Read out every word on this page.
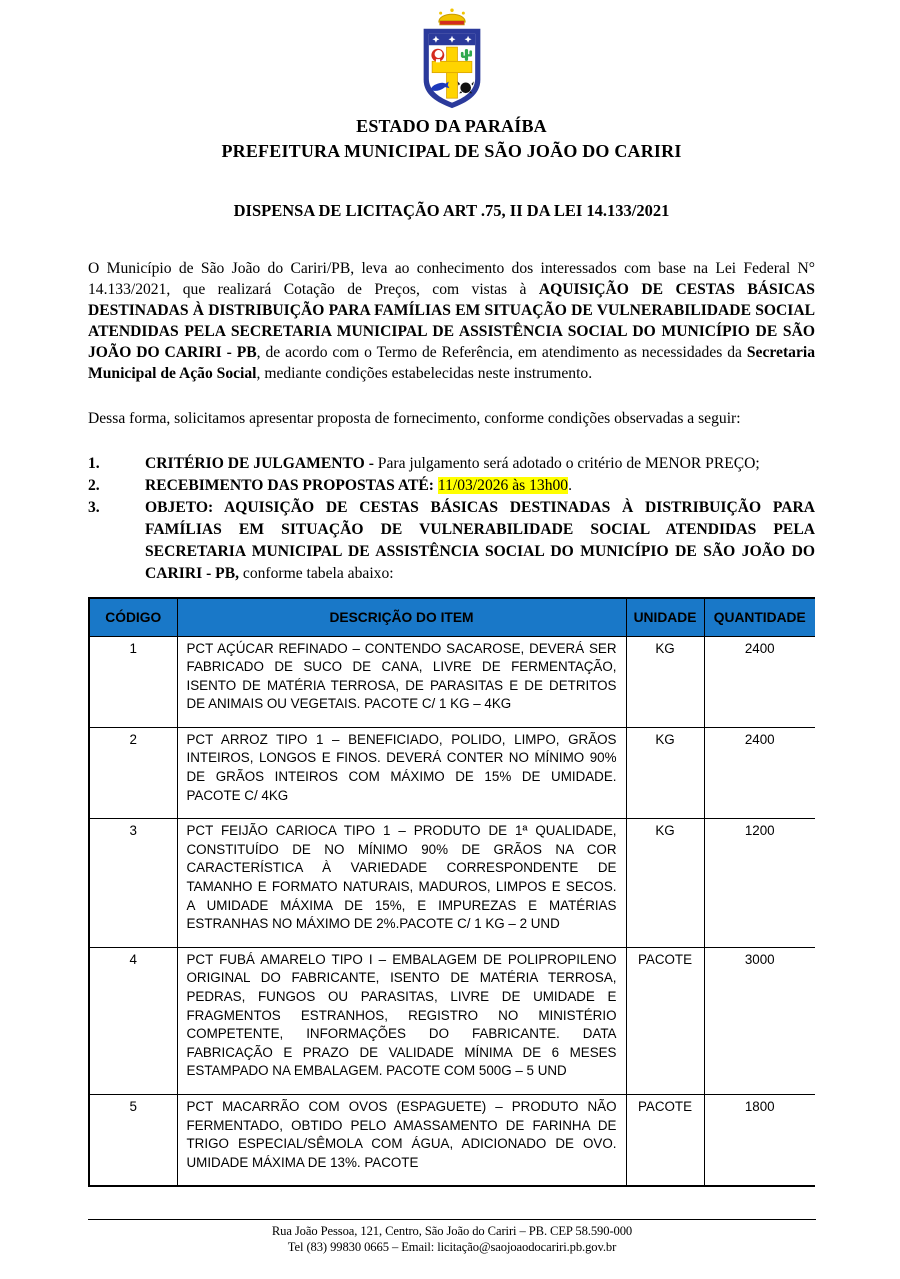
ESTADO DA PARAÍBA
PREFEITURA MUNICIPAL DE SÃO JOÃO DO CARIRI
DISPENSA DE LICITAÇÃO ART .75, II DA LEI 14.133/2021

O Município de São João do Cariri/PB, leva ao conhecimento dos interessados com base na Lei Federal N° 14.133/2021, que realizará Cotação de Preços, com vistas à AQUISIÇÃO DE CESTAS BÁSICAS DESTINADAS À DISTRIBUIÇÃO PARA FAMÍLIAS EM SITUAÇÃO DE VULNERABILIDADE SOCIAL ATENDIDAS PELA SECRETARIA MUNICIPAL DE ASSISTÊNCIA SOCIAL DO MUNICÍPIO DE SÃO JOÃO DO CARIRI - PB, de acordo com o Termo de Referência, em atendimento as necessidades da Secretaria Municipal de Ação Social, mediante condições estabelecidas neste instrumento.

Dessa forma, solicitamos apresentar proposta de fornecimento, conforme condições observadas a seguir:

1.	CRITÉRIO DE JULGAMENTO - Para julgamento será adotado o critério de MENOR PREÇO;
2.	RECEBIMENTO DAS PROPOSTAS ATÉ: 11/03/2026 às 13h00.
3.	OBJETO: AQUISIÇÃO DE CESTAS BÁSICAS DESTINADAS À DISTRIBUIÇÃO PARA FAMÍLIAS EM SITUAÇÃO DE VULNERABILIDADE SOCIAL ATENDIDAS PELA SECRETARIA MUNICIPAL DE ASSISTÊNCIA SOCIAL DO MUNICÍPIO DE SÃO JOÃO DO CARIRI - PB, conforme tabela abaixo:
CÓDIGO	DESCRIÇÃO DO ITEM	UNIDADE	QUANTIDADE
1	PCT AÇÚCAR REFINADO – CONTENDO SACAROSE, DEVERÁ SER FABRICADO DE SUCO DE CANA, LIVRE DE FERMENTAÇÃO, ISENTO DE MATÉRIA TERROSA, DE PARASITAS E DE DETRITOS DE ANIMAIS OU VEGETAIS. PACOTE C/ 1 KG – 4KG	KG	2400
2	PCT ARROZ TIPO 1 – BENEFICIADO, POLIDO, LIMPO, GRÃOS INTEIROS, LONGOS E FINOS. DEVERÁ CONTER NO MÍNIMO 90% DE GRÃOS INTEIROS COM MÁXIMO DE 15% DE UMIDADE. PACOTE C/ 4KG	KG	2400
3	PCT FEIJÃO CARIOCA TIPO 1 – PRODUTO DE 1ª QUALIDADE, CONSTITUÍDO DE NO MÍNIMO 90% DE GRÃOS NA COR CARACTERÍSTICA À VARIEDADE CORRESPONDENTE DE TAMANHO E FORMATO NATURAIS, MADUROS, LIMPOS E SECOS. A UMIDADE MÁXIMA DE 15%, E IMPUREZAS E MATÉRIAS ESTRANHAS NO MÁXIMO DE 2%.PACOTE C/ 1 KG – 2 UND	KG	1200
4	PCT FUBÁ AMARELO TIPO I – EMBALAGEM DE POLIPROPILENO ORIGINAL DO FABRICANTE, ISENTO DE MATÉRIA TERROSA, PEDRAS, FUNGOS OU PARASITAS, LIVRE DE UMIDADE E FRAGMENTOS ESTRANHOS, REGISTRO NO MINISTÉRIO COMPETENTE, INFORMAÇÕES DO FABRICANTE. DATA FABRICAÇÃO E PRAZO DE VALIDADE MÍNIMA DE 6 MESES ESTAMPADO NA EMBALAGEM. PACOTE COM 500G – 5 UND	PACOTE	3000
5	PCT MACARRÃO COM OVOS (ESPAGUETE) – PRODUTO NÃO FERMENTADO, OBTIDO PELO AMASSAMENTO DE FARINHA DE TRIGO ESPECIAL/SÊMOLA COM ÁGUA, ADICIONADO DE OVO. UMIDADE MÁXIMA DE 13%. PACOTE	PACOTE	1800
Rua João Pessoa, 121, Centro, São João do Cariri – PB. CEP 58.590-000
Tel (83) 99830 0665 – Email: licitação@saojoaodocariri.pb.gov.br
